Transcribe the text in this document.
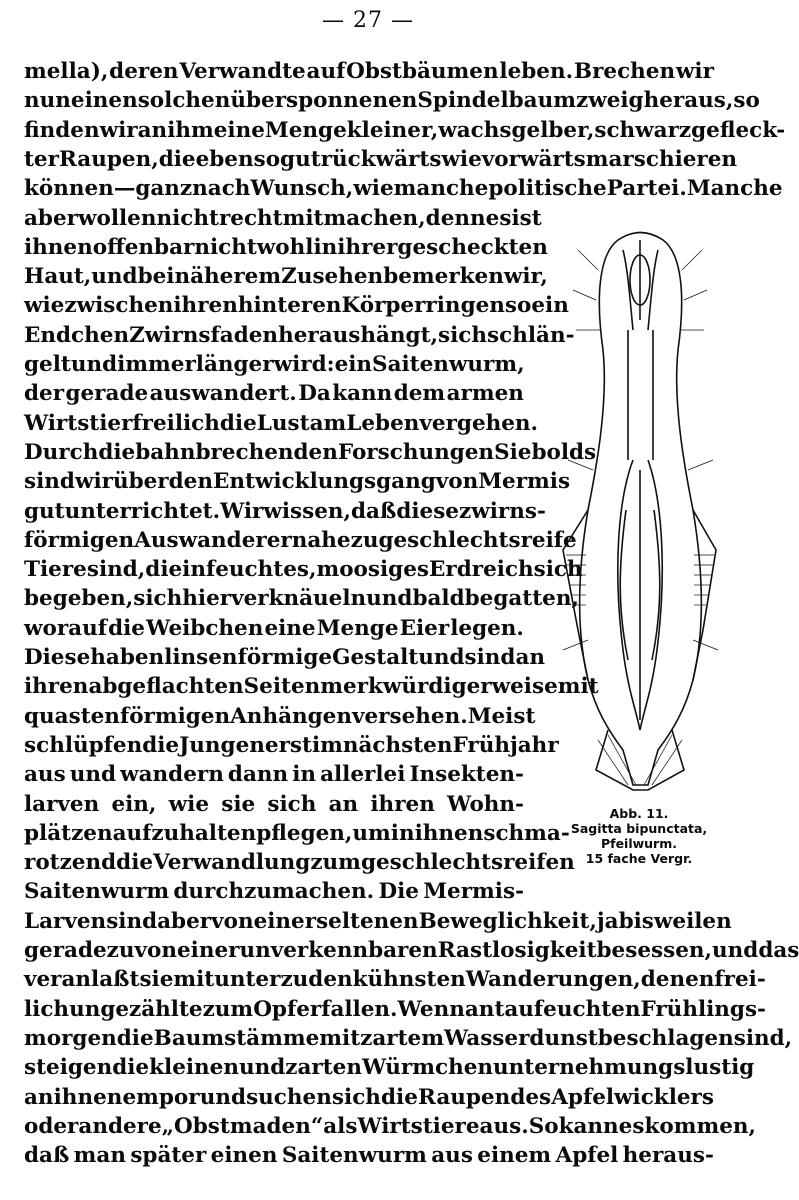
— 27 —
mella), deren Verwandte auf Obstbäumen leben. Brechen wir
nun einen solchen übersponnenen Spindelbaumzweig heraus, so
finden wir an ihm eine Menge kleiner, wachsgelber, schwarzgefleck-
ter Raupen, die ebensogut rückwärts wie vorwärts marschieren
können — ganz nach Wunsch, wie manche politische Partei. Manche
aber wollen nicht recht mitmachen, denn es ist
ihnen offenbar nicht wohl in ihrer gescheckten
Haut, und bei näherem Zusehen bemerken wir,
wie zwischen ihren hinteren Körperringen so ein
Endchen Zwirnsfaden heraushängt, sich schlän-
gelt und immer länger wird: ein Saitenwurm,
der gerade auswandert. Da kann dem armen
Wirtstier freilich die Lust am Leben vergehen.
Durch die bahnbrechenden Forschungen Siebolds
sind wir über den Entwicklungsgang von Mermis
gut unterrichtet. Wir wissen, daß diese zwirns-
förmigen Auswanderer nahezu geschlechtsreife
Tiere sind, die in feuchtes, moosiges Erdreich sich
begeben, sich hier verknäueln und bald begatten,
worauf die Weibchen eine Menge Eier legen.
Diese haben linsenförmige Gestalt und sind an
ihren abgeflachten Seiten merkwürdigerweise mit
quastenförmigen Anhängen versehen. Meist
schlüpfen die Jungen erst im nächsten Frühjahr
aus und wandern dann in allerlei Insekten-
larven ein, wie sie sich an ihren Wohn-
plätzen aufzuhalten pflegen, um in ihnen schma-
rotzend die Verwandlung zum geschlechtsreifen
Saitenwurm durchzumachen. Die Mermis-
Larven sind aber von einer seltenen Beweglichkeit, ja bisweilen
geradezu von einer unverkennbaren Rastlosigkeit besessen, und das
veranlaßt sie mitunter zu den kühnsten Wanderungen, denen frei-
lich ungezählte zum Opfer fallen. Wenn an taufeuchten Frühlings-
morgen die Baumstämme mit zartem Wasserdunst beschlagen sind,
steigen die kleinen und zarten Würmchen unternehmungslustig
an ihnen empor und suchen sich die Raupen des Apfelwicklers
oder andere „Obstmaden“ als Wirtstiere aus. So kann es kommen,
daß man später einen Saitenwurm aus einem Apfel heraus-
Abb. 11.
Sagitta bipunctata,
Pfeilwurm.
15 fache Vergr.
